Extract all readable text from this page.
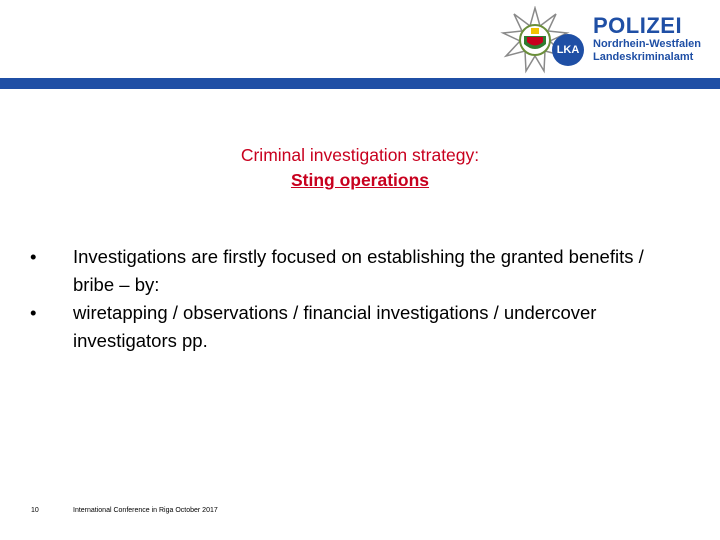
LKA
POLIZEI
Nordrhein-Westfalen
Landeskriminalamt
Criminal investigation strategy:
Sting operations
•	Investigations are firstly focused on establishing the granted benefits / bribe – by:
•	wiretapping / observations / financial investigations / undercover investigators pp.
10	International Conference in Riga October 2017
